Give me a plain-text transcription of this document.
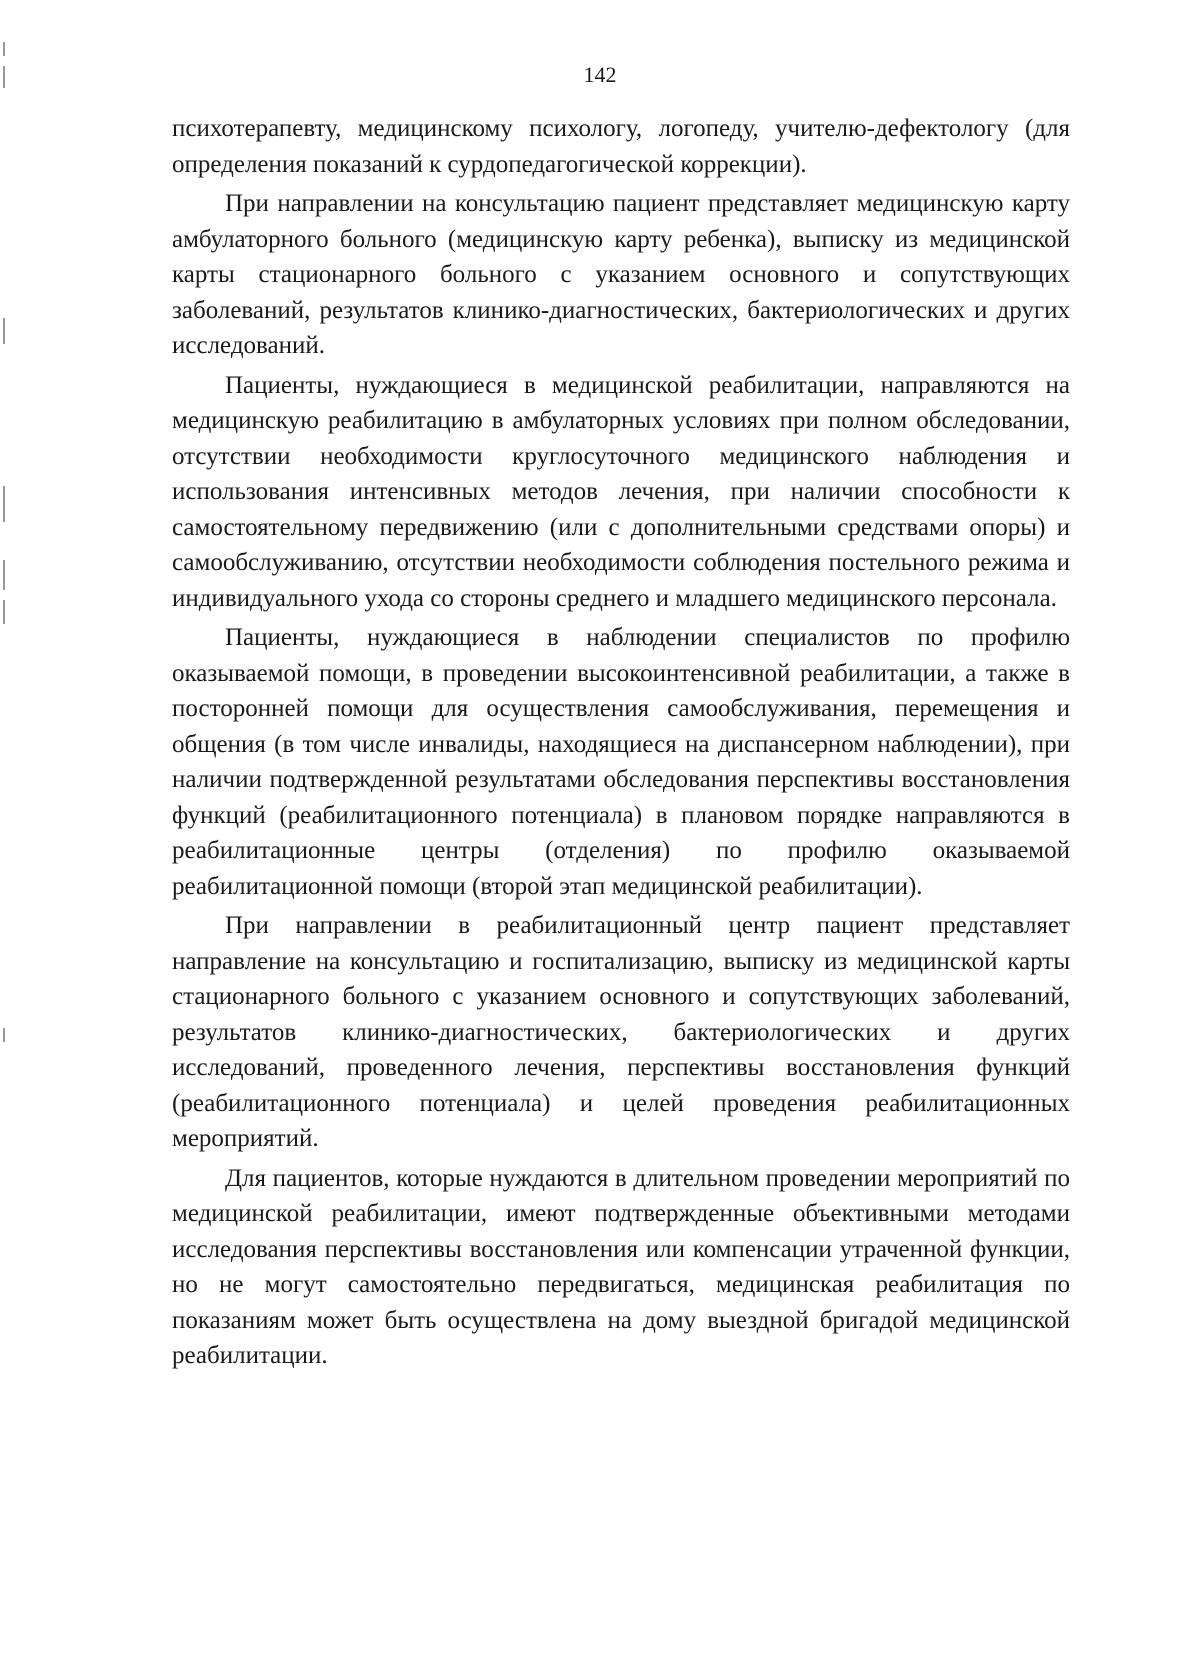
142

психотерапевту, медицинскому психологу, логопеду, учителю-дефектологу (для определения показаний к сурдопедагогической коррекции).

При направлении на консультацию пациент представляет медицинскую карту амбулаторного больного (медицинскую карту ребенка), выписку из медицинской карты стационарного больного с указанием основного и сопутствующих заболеваний, результатов клинико-диагностических, бактериологических и других исследований.

Пациенты, нуждающиеся в медицинской реабилитации, направляются на медицинскую реабилитацию в амбулаторных условиях при полном обследовании, отсутствии необходимости круглосуточного медицинского наблюдения и использования интенсивных методов лечения, при наличии способности к самостоятельному передвижению (или с дополнительными средствами опоры) и самообслуживанию, отсутствии необходимости соблюдения постельного режима и индивидуального ухода со стороны среднего и младшего медицинского персонала.

Пациенты, нуждающиеся в наблюдении специалистов по профилю оказываемой помощи, в проведении высокоинтенсивной реабилитации, а также в посторонней помощи для осуществления самообслуживания, перемещения и общения (в том числе инвалиды, находящиеся на диспансерном наблюдении), при наличии подтвержденной результатами обследования перспективы восстановления функций (реабилитационного потенциала) в плановом порядке направляются в реабилитационные центры (отделения) по профилю оказываемой реабилитационной помощи (второй этап медицинской реабилитации).

При направлении в реабилитационный центр пациент представляет направление на консультацию и госпитализацию, выписку из медицинской карты стационарного больного с указанием основного и сопутствующих заболеваний, результатов клинико-диагностических, бактериологических и других исследований, проведенного лечения, перспективы восстановления функций (реабилитационного потенциала) и целей проведения реабилитационных мероприятий.

Для пациентов, которые нуждаются в длительном проведении мероприятий по медицинской реабилитации, имеют подтвержденные объективными методами исследования перспективы восстановления или компенсации утраченной функции, но не могут самостоятельно передвигаться, медицинская реабилитация по показаниям может быть осуществлена на дому выездной бригадой медицинской реабилитации.
